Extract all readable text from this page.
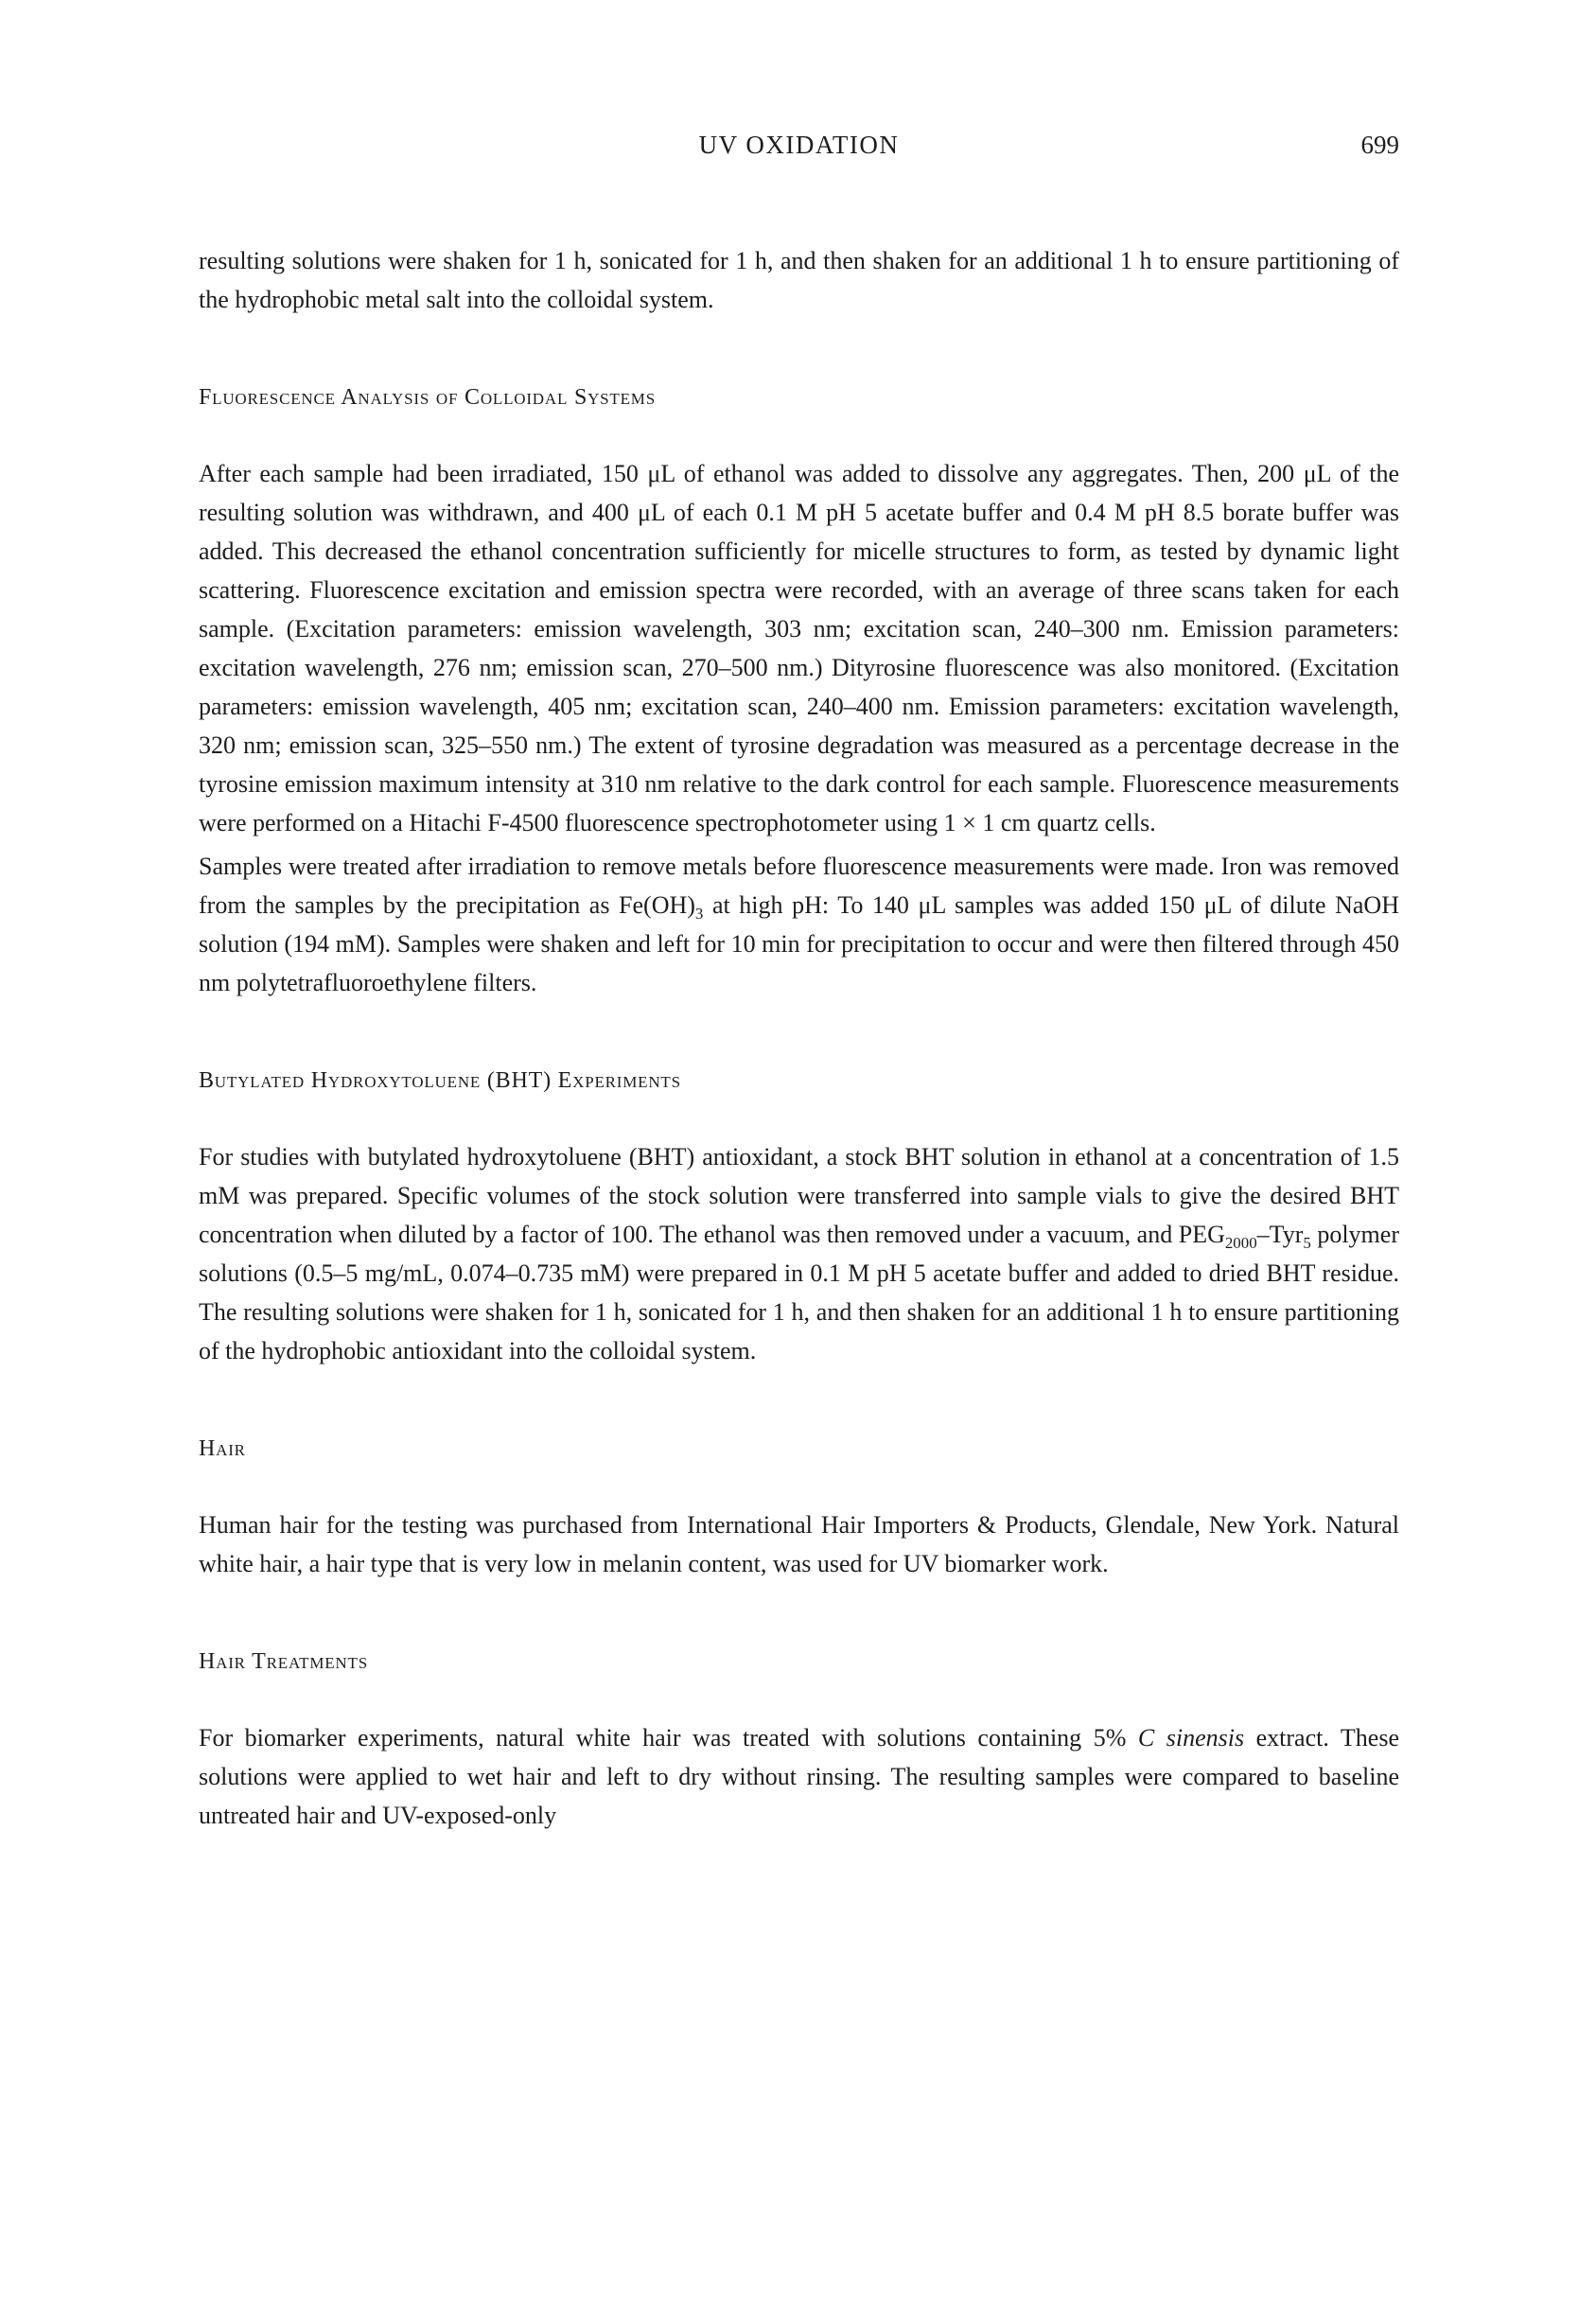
UV OXIDATION	699

resulting solutions were shaken for 1 h, sonicated for 1 h, and then shaken for an additional 1 h to ensure partitioning of the hydrophobic metal salt into the colloidal system.

Fluorescence Analysis of Colloidal Systems

After each sample had been irradiated, 150 μL of ethanol was added to dissolve any aggregates. Then, 200 μL of the resulting solution was withdrawn, and 400 μL of each 0.1 M pH 5 acetate buffer and 0.4 M pH 8.5 borate buffer was added. This decreased the ethanol concentration sufficiently for micelle structures to form, as tested by dynamic light scattering. Fluorescence excitation and emission spectra were recorded, with an average of three scans taken for each sample. (Excitation parameters: emission wavelength, 303 nm; excitation scan, 240–300 nm. Emission parameters: excitation wavelength, 276 nm; emission scan, 270–500 nm.) Dityrosine fluorescence was also monitored. (Excitation parameters: emission wavelength, 405 nm; excitation scan, 240–400 nm. Emission parameters: excitation wavelength, 320 nm; emission scan, 325–550 nm.) The extent of tyrosine degradation was measured as a percentage decrease in the tyrosine emission maximum intensity at 310 nm relative to the dark control for each sample. Fluorescence measurements were performed on a Hitachi F-4500 fluorescence spectrophotometer using 1 × 1 cm quartz cells.

Samples were treated after irradiation to remove metals before fluorescence measurements were made. Iron was removed from the samples by the precipitation as $Fe(OH)_3$ at high pH: To 140 μL samples was added 150 μL of dilute NaOH solution (194 mM). Samples were shaken and left for 10 min for precipitation to occur and were then filtered through 450 nm polytetrafluoroethylene filters.

Butylated Hydroxytoluene (BHT) Experiments

For studies with butylated hydroxytoluene (BHT) antioxidant, a stock BHT solution in ethanol at a concentration of 1.5 mM was prepared. Specific volumes of the stock solution were transferred into sample vials to give the desired BHT concentration when diluted by a factor of 100. The ethanol was then removed under a vacuum, and $PEG_{2000}-Tyr_5$ polymer solutions (0.5–5 mg/mL, 0.074–0.735 mM) were prepared in 0.1 M pH 5 acetate buffer and added to dried BHT residue. The resulting solutions were shaken for 1 h, sonicated for 1 h, and then shaken for an additional 1 h to ensure partitioning of the hydrophobic antioxidant into the colloidal system.

Hair

Human hair for the testing was purchased from International Hair Importers & Products, Glendale, New York. Natural white hair, a hair type that is very low in melanin content, was used for UV biomarker work.

Hair Treatments

For biomarker experiments, natural white hair was treated with solutions containing 5% C sinensis extract. These solutions were applied to wet hair and left to dry without rinsing. The resulting samples were compared to baseline untreated hair and UV-exposed-only
